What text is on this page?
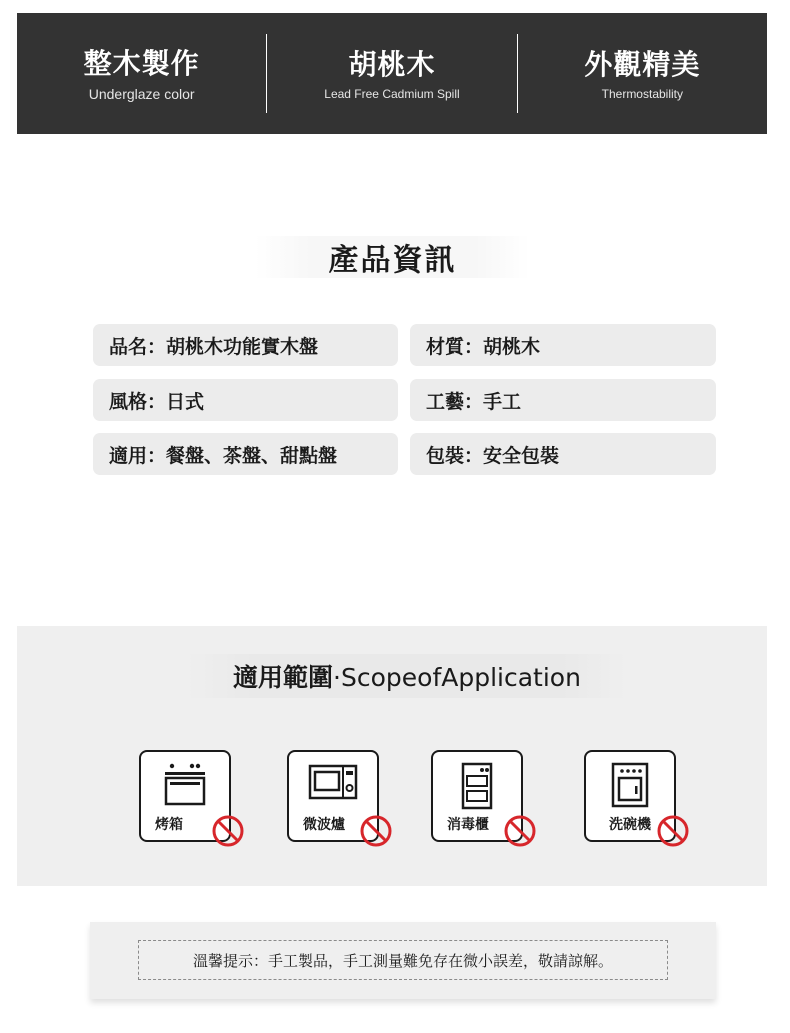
整木製作
Underglaze color
胡桃木
Lead Free Cadmium Spill
外觀精美
Thermostability
產品資訊
品名：胡桃木功能實木盤	材質：胡桃木
風格：日式	工藝：手工
適用：餐盤、茶盤、甜點盤	包裝：安全包裝
適用範圍·ScopeofApplication
烤箱	微波爐	消毒櫃	洗碗機
溫馨提示：手工製品，手工測量難免存在微小誤差，敬請諒解。
